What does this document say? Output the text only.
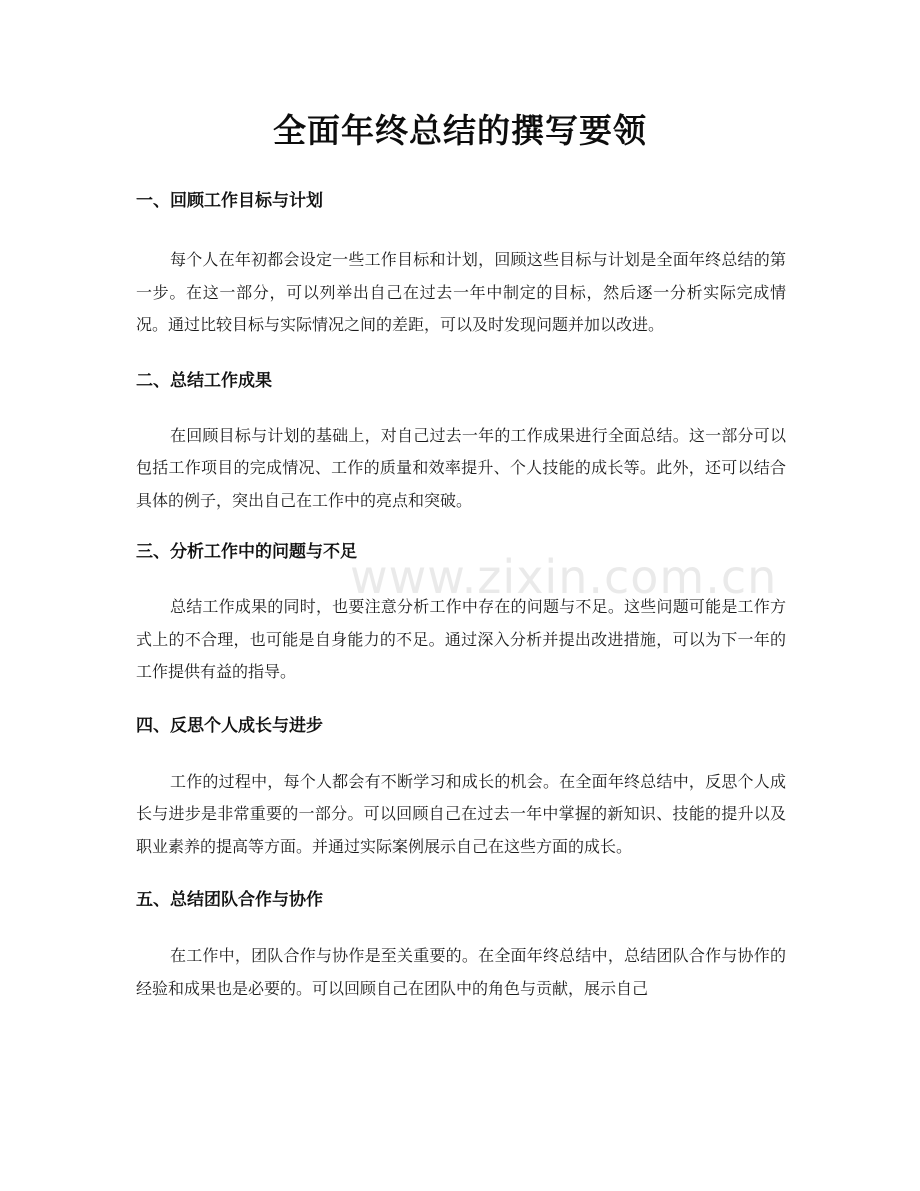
全面年终总结的撰写要领
一、回顾工作目标与计划

每个人在年初都会设定一些工作目标和计划，回顾这些目标与计划是全面年终总结的第一步。在这一部分，可以列举出自己在过去一年中制定的目标，然后逐一分析实际完成情况。通过比较目标与实际情况之间的差距，可以及时发现问题并加以改进。

二、总结工作成果

在回顾目标与计划的基础上，对自己过去一年的工作成果进行全面总结。这一部分可以包括工作项目的完成情况、工作的质量和效率提升、个人技能的成长等。此外，还可以结合具体的例子，突出自己在工作中的亮点和突破。

三、分析工作中的问题与不足

总结工作成果的同时，也要注意分析工作中存在的问题与不足。这些问题可能是工作方式上的不合理，也可能是自身能力的不足。通过深入分析并提出改进措施，可以为下一年的工作提供有益的指导。

四、反思个人成长与进步

工作的过程中，每个人都会有不断学习和成长的机会。在全面年终总结中，反思个人成长与进步是非常重要的一部分。可以回顾自己在过去一年中掌握的新知识、技能的提升以及职业素养的提高等方面。并通过实际案例展示自己在这些方面的成长。

五、总结团队合作与协作

在工作中，团队合作与协作是至关重要的。在全面年终总结中，总结团队合作与协作的经验和成果也是必要的。可以回顾自己在团队中的角色与贡献，展示自己

www.zixin.com.cn
